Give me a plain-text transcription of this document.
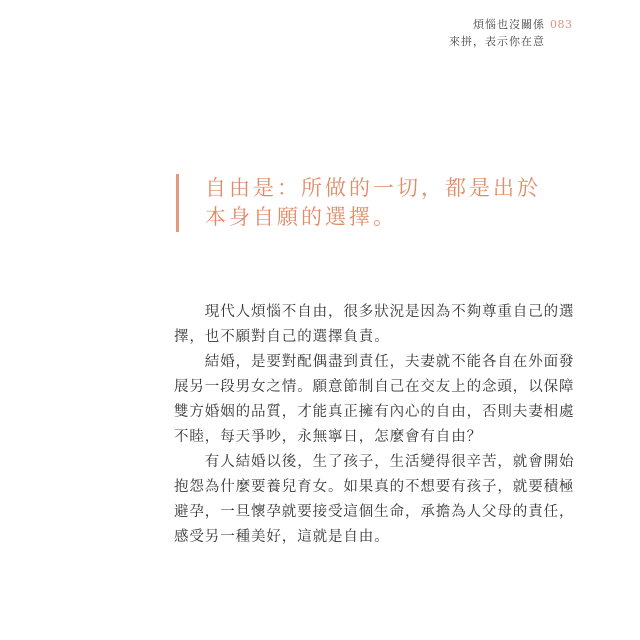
煩惱也沒關係
來拼，表示你在意
083
自由是：所做的一切，都是出於
本身自願的選擇。
　　現代人煩惱不自由，很多狀況是因為不夠尊重自己的選
擇，也不願對自己的選擇負責。
　　結婚，是要對配偶盡到責任，夫妻就不能各自在外面發
展另一段男女之情。願意節制自己在交友上的念頭，以保障
雙方婚姻的品質，才能真正擁有內心的自由，否則夫妻相處
不睦，每天爭吵，永無寧日，怎麼會有自由？
　　有人結婚以後，生了孩子，生活變得很辛苦，就會開始
抱怨為什麼要養兒育女。如果真的不想要有孩子，就要積極
避孕，一旦懷孕就要接受這個生命，承擔為人父母的責任，
感受另一種美好，這就是自由。
